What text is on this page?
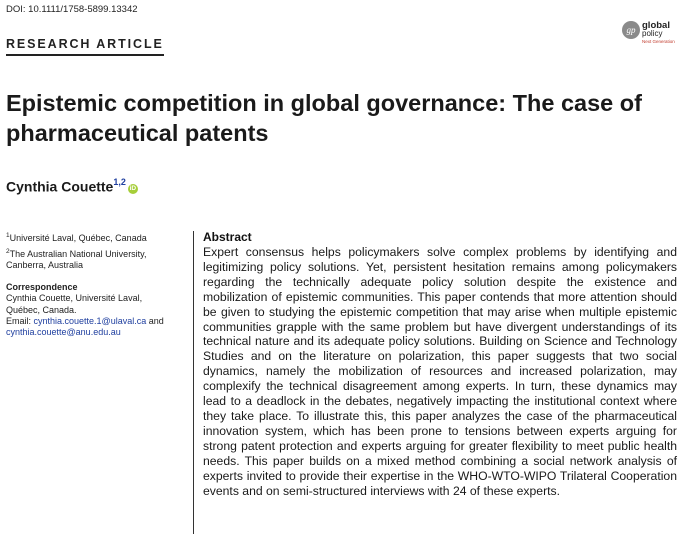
DOI: 10.1111/1758-5899.13342
RESEARCH ARTICLE
gp global
policy
Next Generation
Epistemic competition in global governance: The case of pharmaceutical patents
Cynthia Couette$^{1,2}$iD
$^1$Université Laval, Québec, Canada
$^2$The Australian National University, Canberra, Australia
Correspondence
Cynthia Couette, Université Laval,
Québec, Canada.
Email: cynthia.couette.1@ulaval.ca and
cynthia.couette@anu.edu.au
Abstract

Expert consensus helps policymakers solve complex problems by identifying and legitimizing policy solutions. Yet, persistent hesitation remains among policymakers regarding the technically adequate policy solution despite the existence and mobilization of epistemic communities. This paper contends that more attention should be given to studying the epistemic competition that may arise when multiple epistemic communities grapple with the same problem but have divergent understandings of its technical nature and its adequate policy solutions. Building on Science and Technology Studies and on the literature on polarization, this paper suggests that two social dynamics, namely the mobilization of resources and increased polarization, may complexify the technical disagreement among experts. In turn, these dynamics may lead to a deadlock in the debates, negatively impacting the institutional context where they take place. To illustrate this, this paper analyzes the case of the pharmaceutical innovation system, which has been prone to tensions between experts arguing for strong patent protection and experts arguing for greater flexibility to meet public health needs. This paper builds on a mixed method combining a social network analysis of experts invited to provide their expertise in the WHO-WTO-WIPO Trilateral Cooperation events and on semi-structured interviews with 24 of these experts.
